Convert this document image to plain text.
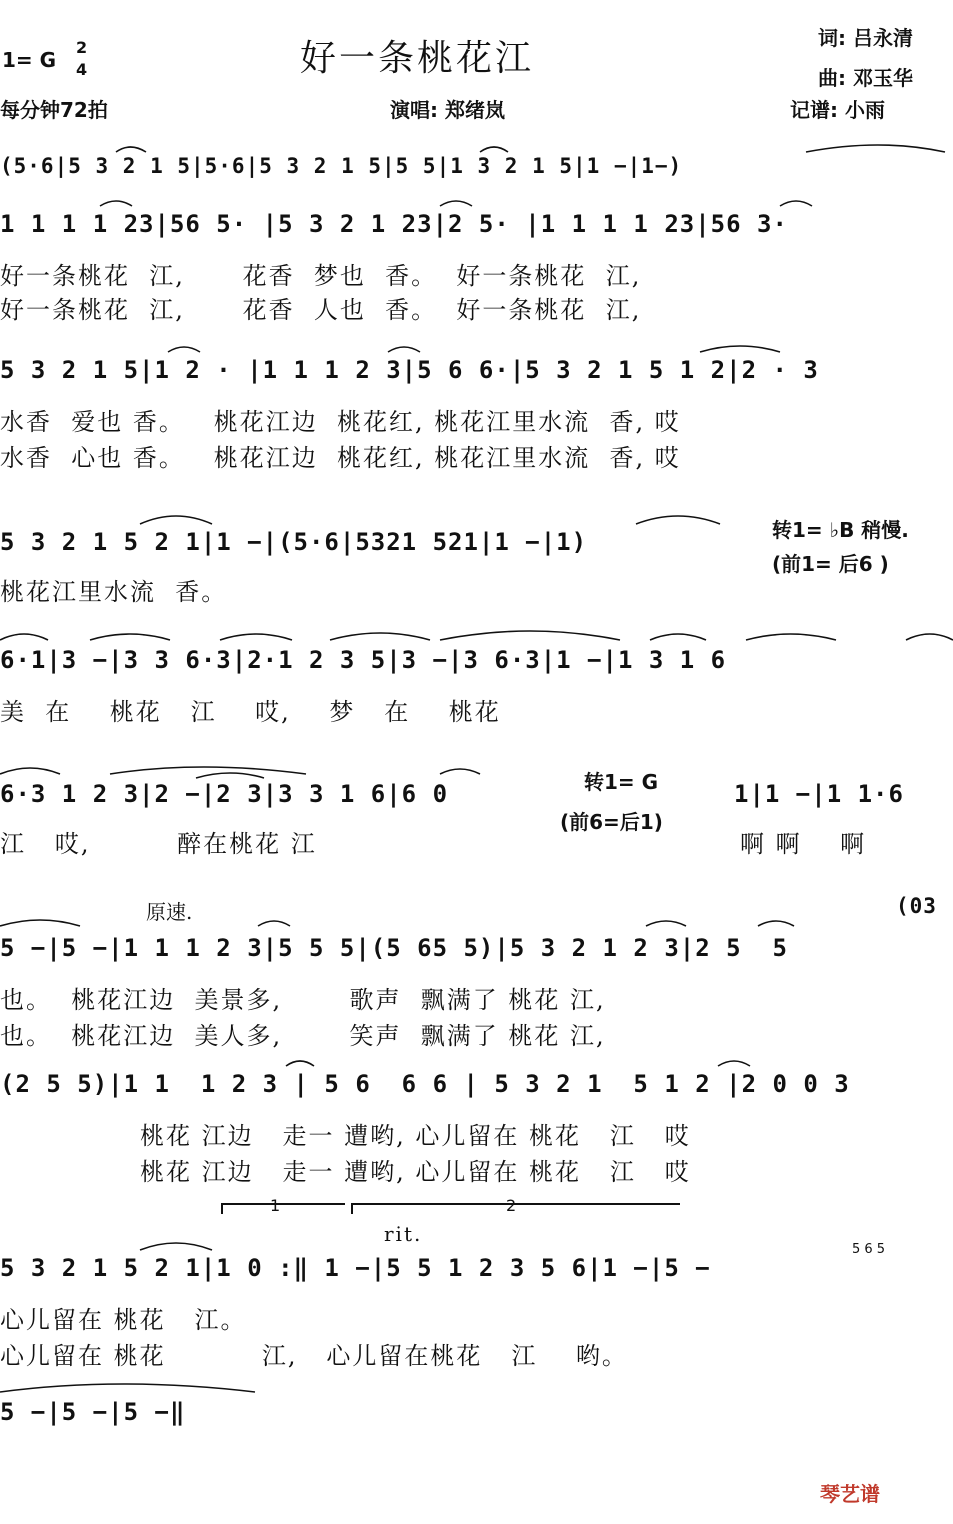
1= G
2
4	好一条桃花江	词: 吕永清
曲: 邓玉华
每分钟72拍	演唱: 郑绪岚	记谱: 小雨
(5·6|5 3 2 1 5|5·6|5 3 2 1 5|5 5|1 3 2 1 5|1 −|1−)
1 1 1 1 23|56 5· |5 3 2 1 23|2 5· |1 1 1 1 23|56 3·
好一条桃花  江,      花香  梦也  香。  好一条桃花  江,
好一条桃花  江,      花香  人也  香。  好一条桃花  江,
5 3 2 1 5|1 2 · |1 1 1 2 3|5 6 6·|5 3 2 1 5 1 2|2 · 3
水香  爱也 香。   桃花江边  桃花红, 桃花江里水流  香, 哎
水香  心也 香。   桃花江边  桃花红, 桃花江里水流  香, 哎
5 3 2 1 5 2 1|1 −|(5·6|5321 521|1 −|1)
桃花江里水流  香。
转1= ♭B 稍慢.
(前1= 后6 )
6·1|3 −|3 3 6·3|2·1 2 3 5|3 −|3 6·3|1 −|1 3 1 6
美  在    桃花   江    哎,    梦   在    桃花
6·3 1 2 3|2 −|2 3|3 3 1 6|6 0
江   哎,         醉在桃花 江
转1= G
(前6=后1)
1|1 −|1 1·6
啊 啊    啊
原速.	(03
5 −|5 −|1 1 1 2 3|5 5 5|(5 65 5)|5 3 2 1 2 3|2 5  5
也。  桃花江边  美景多,       歌声  飘满了 桃花 江,
也。  桃花江边  美人多,       笑声  飘满了 桃花 江,
(2 5 5)|1 1  1 2 3 | 5 6  6 6 | 5 3 2 1  5 1 2 |2 0 0 3
桃花 江边   走一 遭哟, 心儿留在 桃花   江   哎
桃花 江边   走一 遭哟, 心儿留在 桃花   江   哎
1	2
rit.
5 6 5
5 3 2 1 5 2 1|1 0 :‖ 1 −|5 5 1 2 3 5 6|1 −|5 −
心儿留在 桃花   江。
心儿留在 桃花          江,   心儿留在桃花   江    哟。
5 −|5 −|5 −‖
琴艺谱
